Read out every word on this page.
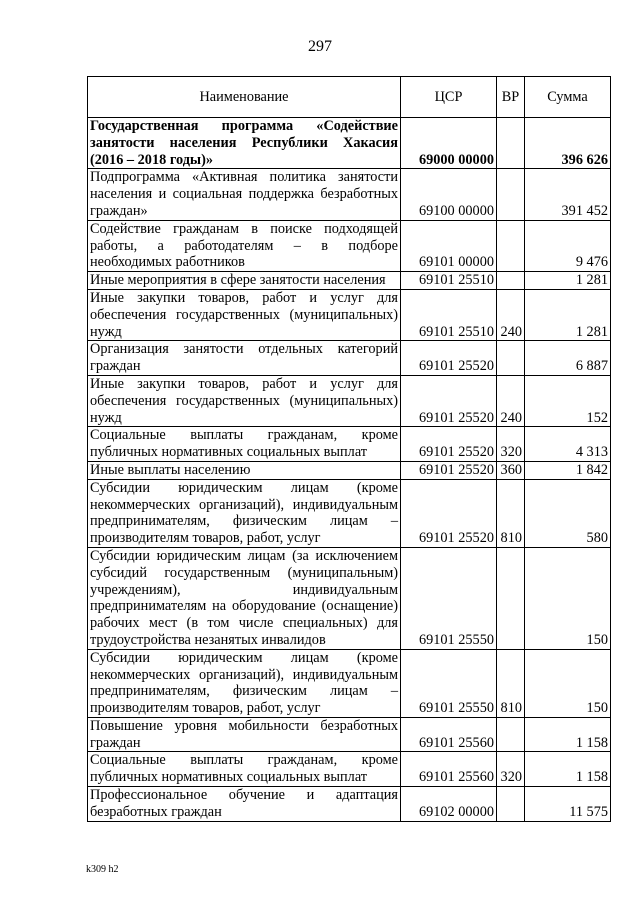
297
Наименование	ЦСР	ВР	Сумма
Государственная программа «Содействие занятости населения Республики Хакасия (2016 – 2018 годы)»	69000 00000		396 626
Подпрограмма «Активная политика занятости населения и социальная поддержка безработных граждан»	69100 00000		391 452
Содействие гражданам в поиске подходящей работы, а работодателям – в подборе необходимых работников	69101 00000		9 476
Иные мероприятия в сфере занятости населения	69101 25510		1 281
Иные закупки товаров, работ и услуг для обеспечения государственных (муниципальных) нужд	69101 25510	240	1 281
Организация занятости отдельных категорий граждан	69101 25520		6 887
Иные закупки товаров, работ и услуг для обеспечения государственных (муниципальных) нужд	69101 25520	240	152
Социальные выплаты гражданам, кроме публичных нормативных социальных выплат	69101 25520	320	4 313
Иные выплаты населению	69101 25520	360	1 842
Субсидии юридическим лицам (кроме некоммерческих организаций), индивидуальным предпринимателям, физическим лицам – производителям товаров, работ, услуг	69101 25520	810	580
Субсидии юридическим лицам (за исключением субсидий государственным (муниципальным) учреждениям), индивидуальным предпринимателям на оборудование (оснащение) рабочих мест (в том числе специальных) для трудоустройства незанятых инвалидов	69101 25550		150
Субсидии юридическим лицам (кроме некоммерческих организаций), индивидуальным предпринимателям, физическим лицам – производителям товаров, работ, услуг	69101 25550	810	150
Повышение уровня мобильности безработных граждан	69101 25560		1 158
Социальные выплаты гражданам, кроме публичных нормативных социальных выплат	69101 25560	320	1 158
Профессиональное обучение и адаптация безработных граждан	69102 00000		11 575
k309 h2
